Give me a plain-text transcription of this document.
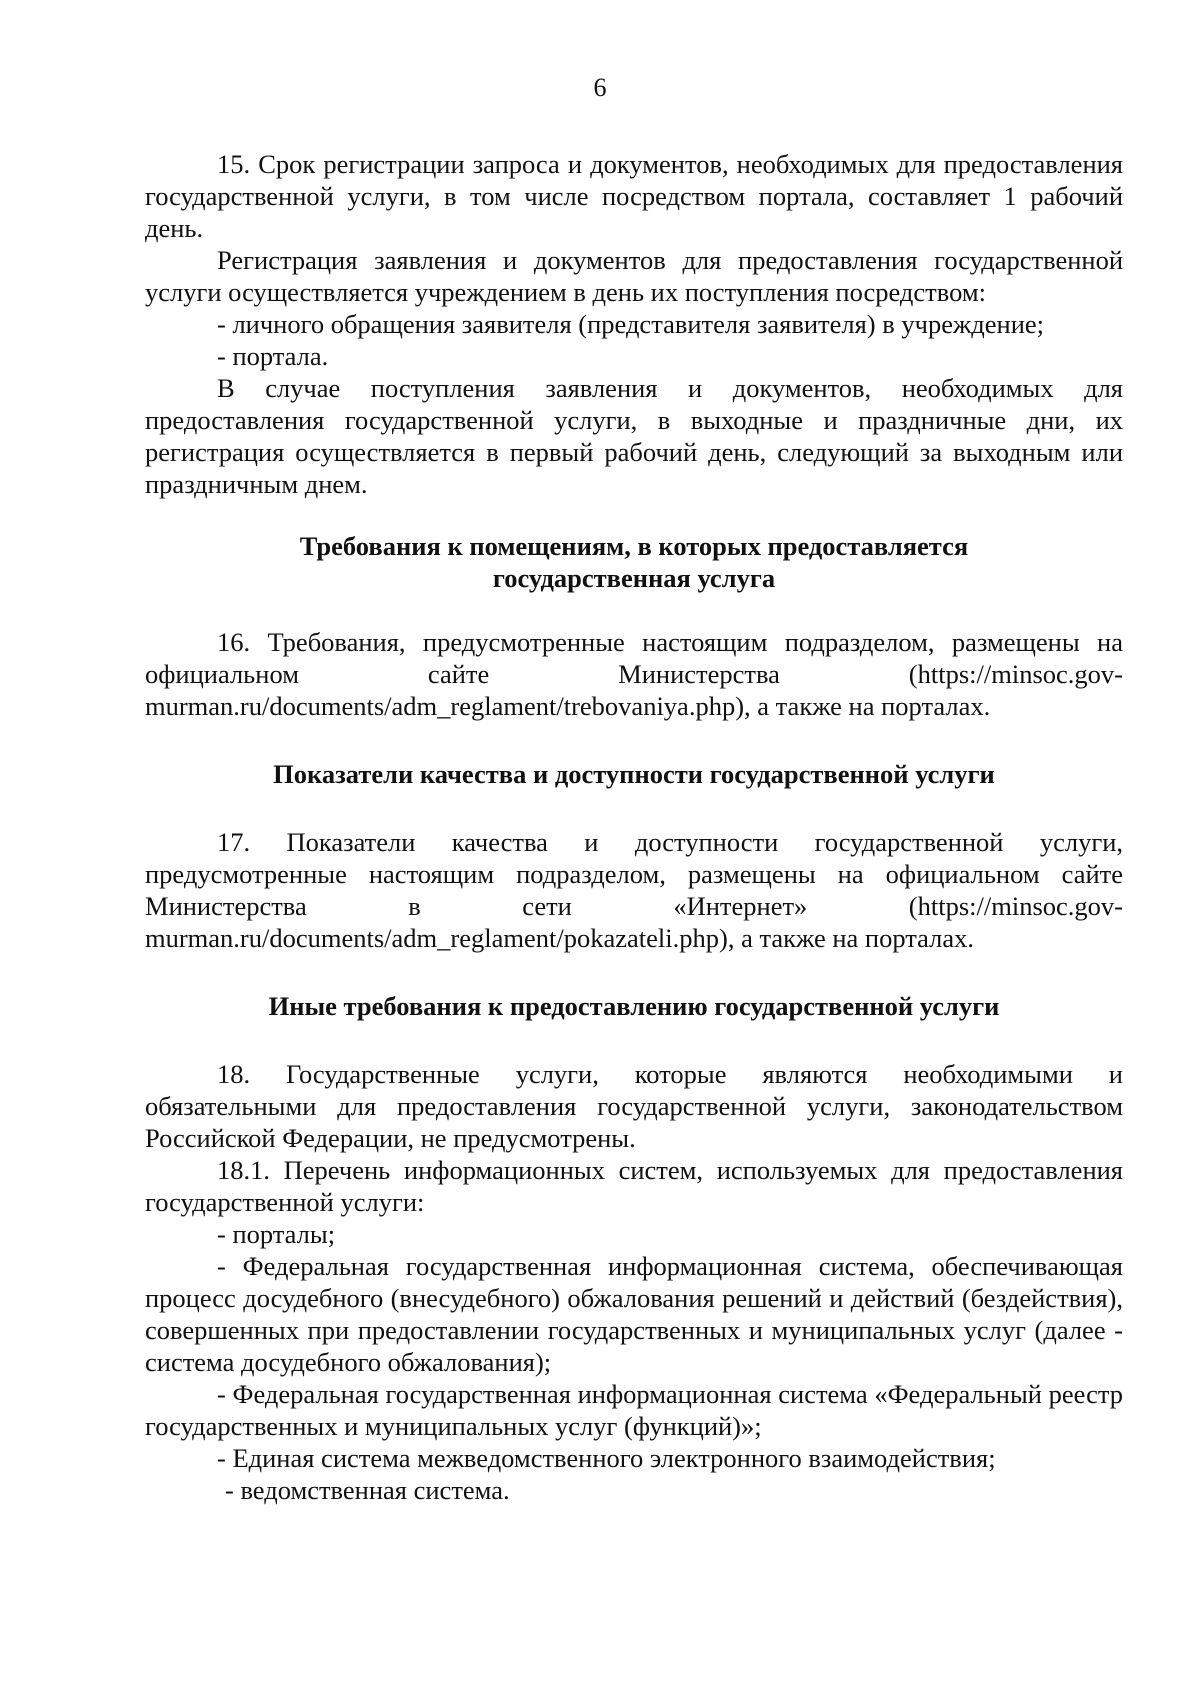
6

15. Срок регистрации запроса и документов, необходимых для предоставления государственной услуги, в том числе посредством портала, составляет 1 рабочий день.

Регистрация заявления и документов для предоставления государственной услуги осуществляется учреждением в день их поступления посредством:

- личного обращения заявителя (представителя заявителя) в учреждение;

- портала.

В случае поступления заявления и документов, необходимых для предоставления государственной услуги, в выходные и праздничные дни, их регистрация осуществляется в первый рабочий день, следующий за выходным или праздничным днем.

Требования к помещениям, в которых предоставляется
государственная услуга

16. Требования, предусмотренные настоящим подразделом, размещены на официальном сайте Министерства (https://minsoc.gov-murman.ru/documents/adm_reglament/trebovaniya.php), а также на порталах.

Показатели качества и доступности государственной услуги

17. Показатели качества и доступности государственной услуги, предусмотренные настоящим подразделом, размещены на официальном сайте Министерства в сети «Интернет» (https://minsoc.gov-murman.ru/documents/adm_reglament/pokazateli.php), а также на порталах.

Иные требования к предоставлению государственной услуги

18. Государственные услуги, которые являются необходимыми и обязательными для предоставления государственной услуги, законодательством Российской Федерации, не предусмотрены.

18.1. Перечень информационных систем, используемых для предоставления государственной услуги:

- порталы;

- Федеральная государственная информационная система, обеспечивающая процесс досудебного (внесудебного) обжалования решений и действий (бездействия), совершенных при предоставлении государственных и муниципальных услуг (далее - система досудебного обжалования);

- Федеральная государственная информационная система «Федеральный реестр государственных и муниципальных услуг (функций)»;

- Единая система межведомственного электронного взаимодействия;

- ведомственная система.
